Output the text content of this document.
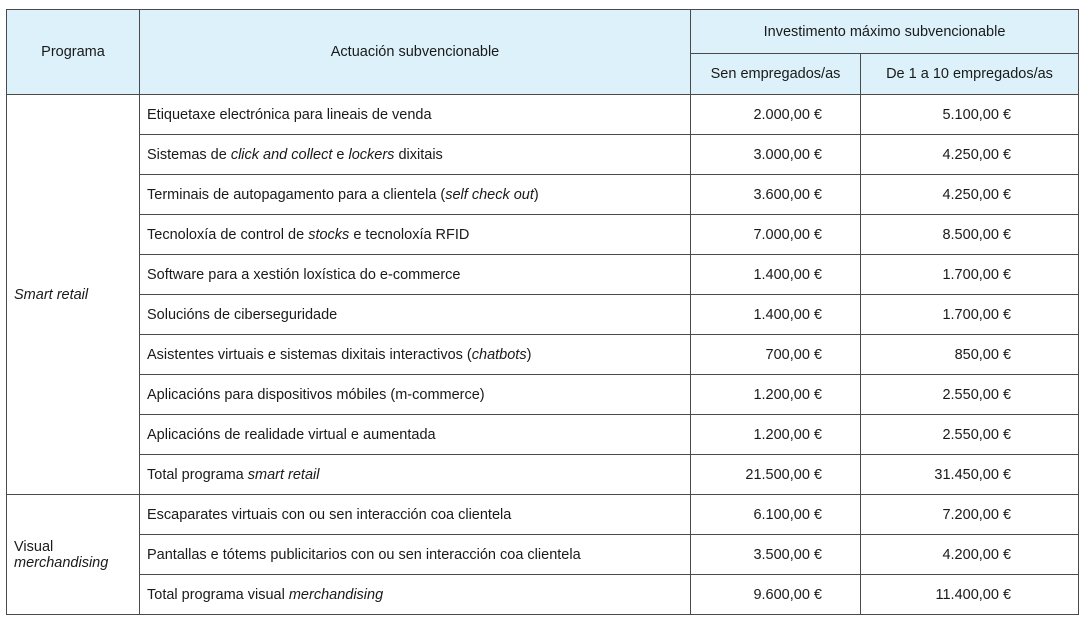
Programa	Actuación subvencionable	Investimento máximo subvencionable	
		Sen empregados/as	De 1 a 10 empregados/as
Smart retail	Etiquetaxe electrónica para lineais de venda	2.000,00 €	5.100,00 €
	Sistemas de click and collect e lockers dixitais	3.000,00 €	4.250,00 €
	Terminais de autopagamento para a clientela (self check out)	3.600,00 €	4.250,00 €
	Tecnoloxía de control de stocks e tecnoloxía RFID	7.000,00 €	8.500,00 €
	Software para a xestión loxística do e-commerce	1.400,00 €	1.700,00 €
	Solucións de ciberseguridade	1.400,00 €	1.700,00 €
	Asistentes virtuais e sistemas dixitais interactivos (chatbots)	700,00 €	850,00 €
	Aplicacións para dispositivos móbiles (m-commerce)	1.200,00 €	2.550,00 €
	Aplicacións de realidade virtual e aumentada	1.200,00 €	2.550,00 €
	Total programa smart retail	21.500,00 €	31.450,00 €
Visual
merchandising	Escaparates virtuais con ou sen interacción coa clientela	6.100,00 €	7.200,00 €
	Pantallas e tótems publicitarios con ou sen interacción coa clientela	3.500,00 €	4.200,00 €
	Total programa visual merchandising	9.600,00 €	11.400,00 €
